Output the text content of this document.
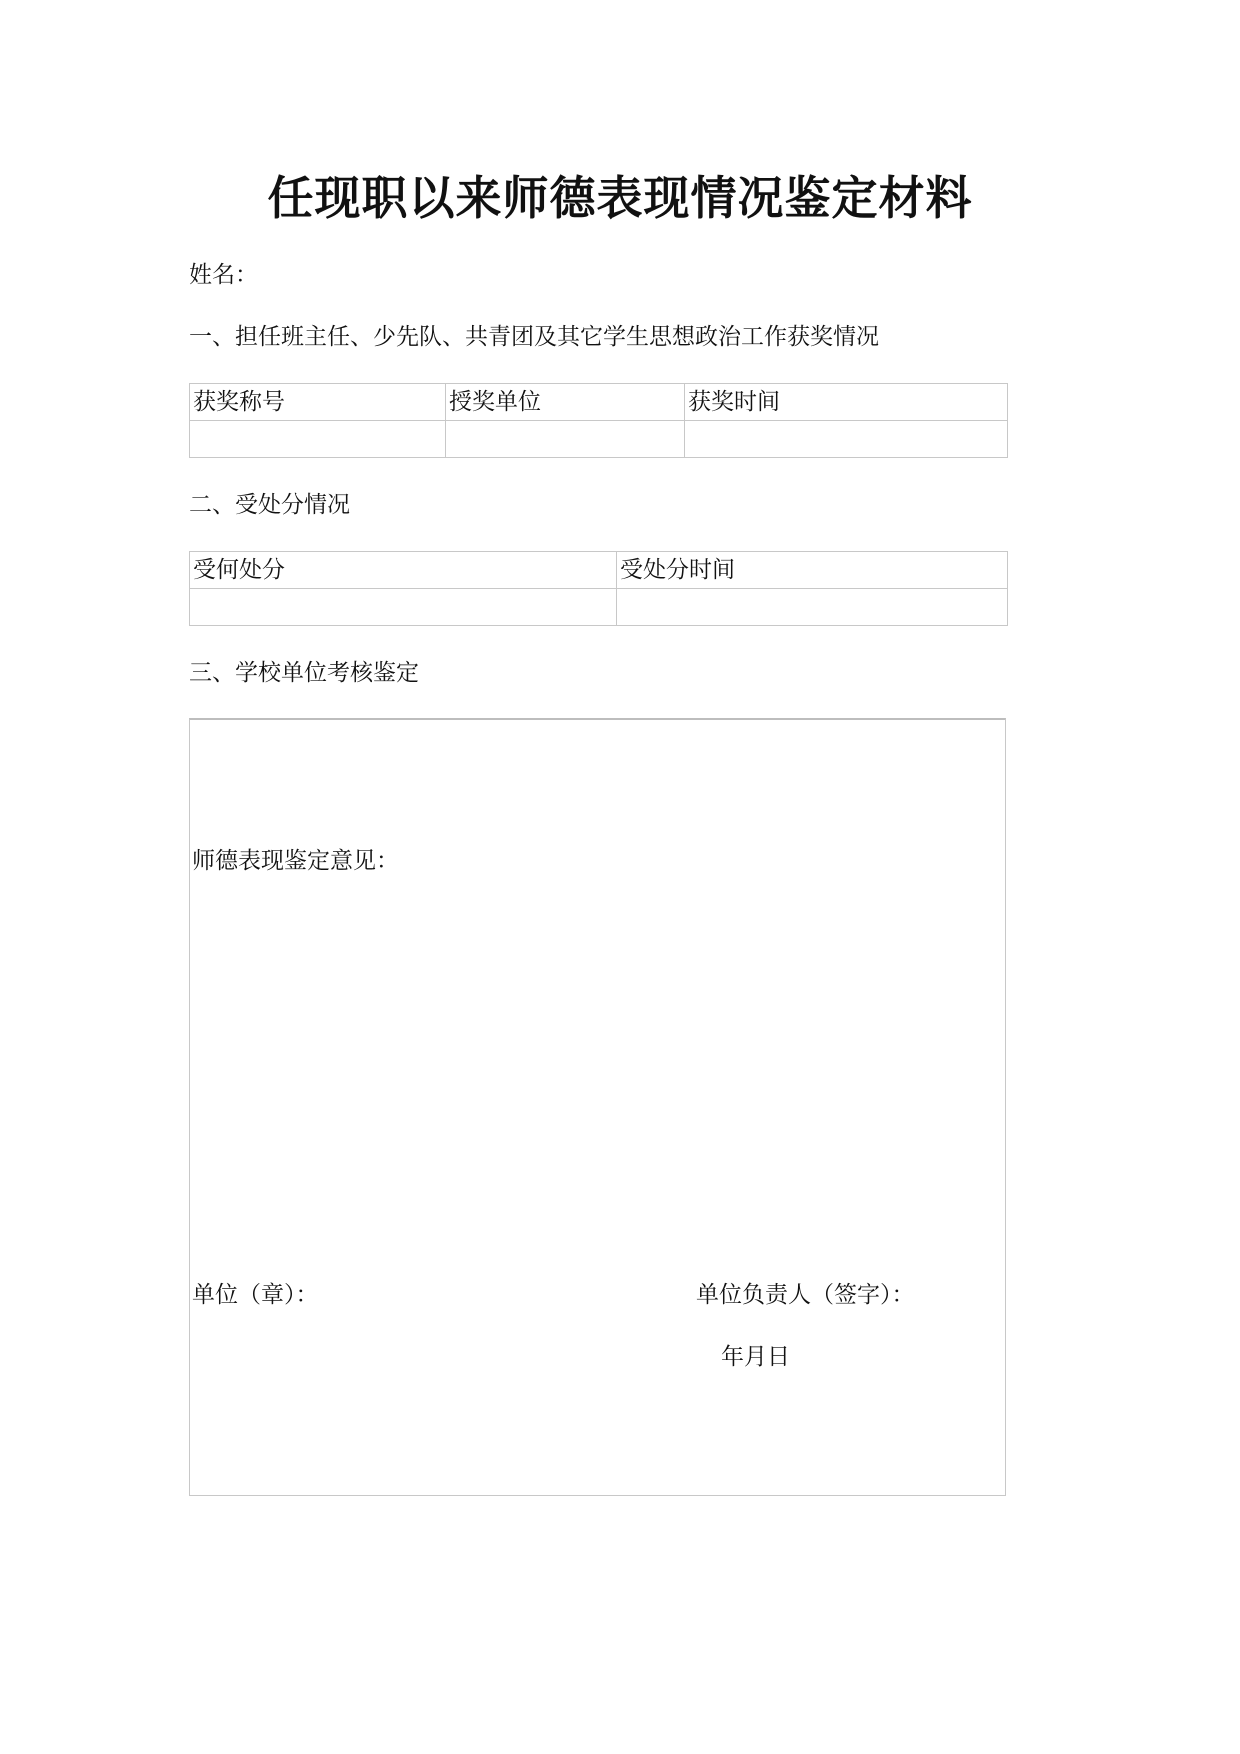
任现职以来师德表现情况鉴定材料
姓名：
一、担任班主任、少先队、共青团及其它学生思想政治工作获奖情况
获奖称号	授奖单位	获奖时间

二、受处分情况
受何处分	受处分时间

三、学校单位考核鉴定
师德表现鉴定意见：
单位（章）：	单位负责人（签字）：
年月日
